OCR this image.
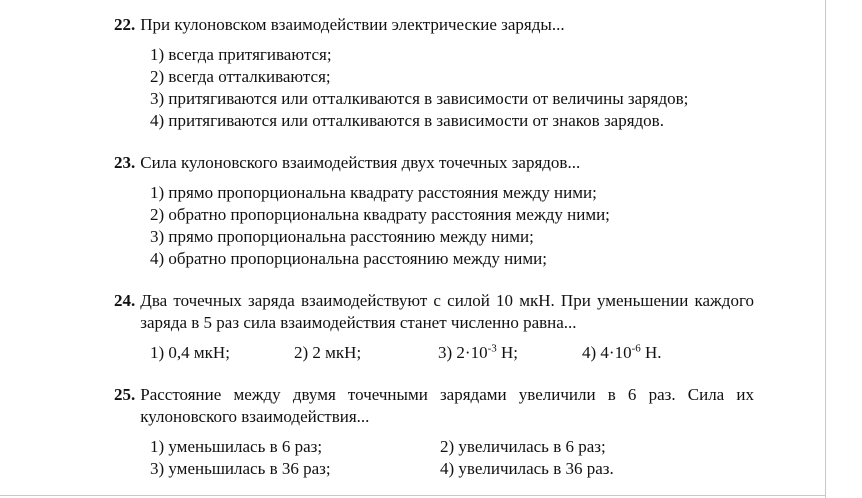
22. При кулоновском взаимодействии электрические заряды...
1) всегда притягиваются;
2) всегда отталкиваются;
3) притягиваются или отталкиваются в зависимости от величины зарядов;
4) притягиваются или отталкиваются в зависимости от знаков зарядов.
23. Сила кулоновского взаимодействия двух точечных зарядов...
1) прямо пропорциональна квадрату расстояния между ними;
2) обратно пропорциональна квадрату расстояния между ними;
3) прямо пропорциональна расстоянию между ними;
4) обратно пропорциональна расстоянию между ними;
24. Два точечных заряда взаимодействуют с силой 10 мкН. При уменьшении каждого заряда в 5 раз сила взаимодействия станет численно равна...
1) 0,4 мкН;	2) 2 мкН;	3) $2\cdot 10^{-3}$ Н;	4) $4\cdot 10^{-6}$ Н.
25. Расстояние между двумя точечными зарядами увеличили в 6 раз. Сила их кулоновского взаимодействия...
1) уменьшилась в 6 раз;	2) увеличилась в 6 раз;
3) уменьшилась в 36 раз;	4) увеличилась в 36 раз.
